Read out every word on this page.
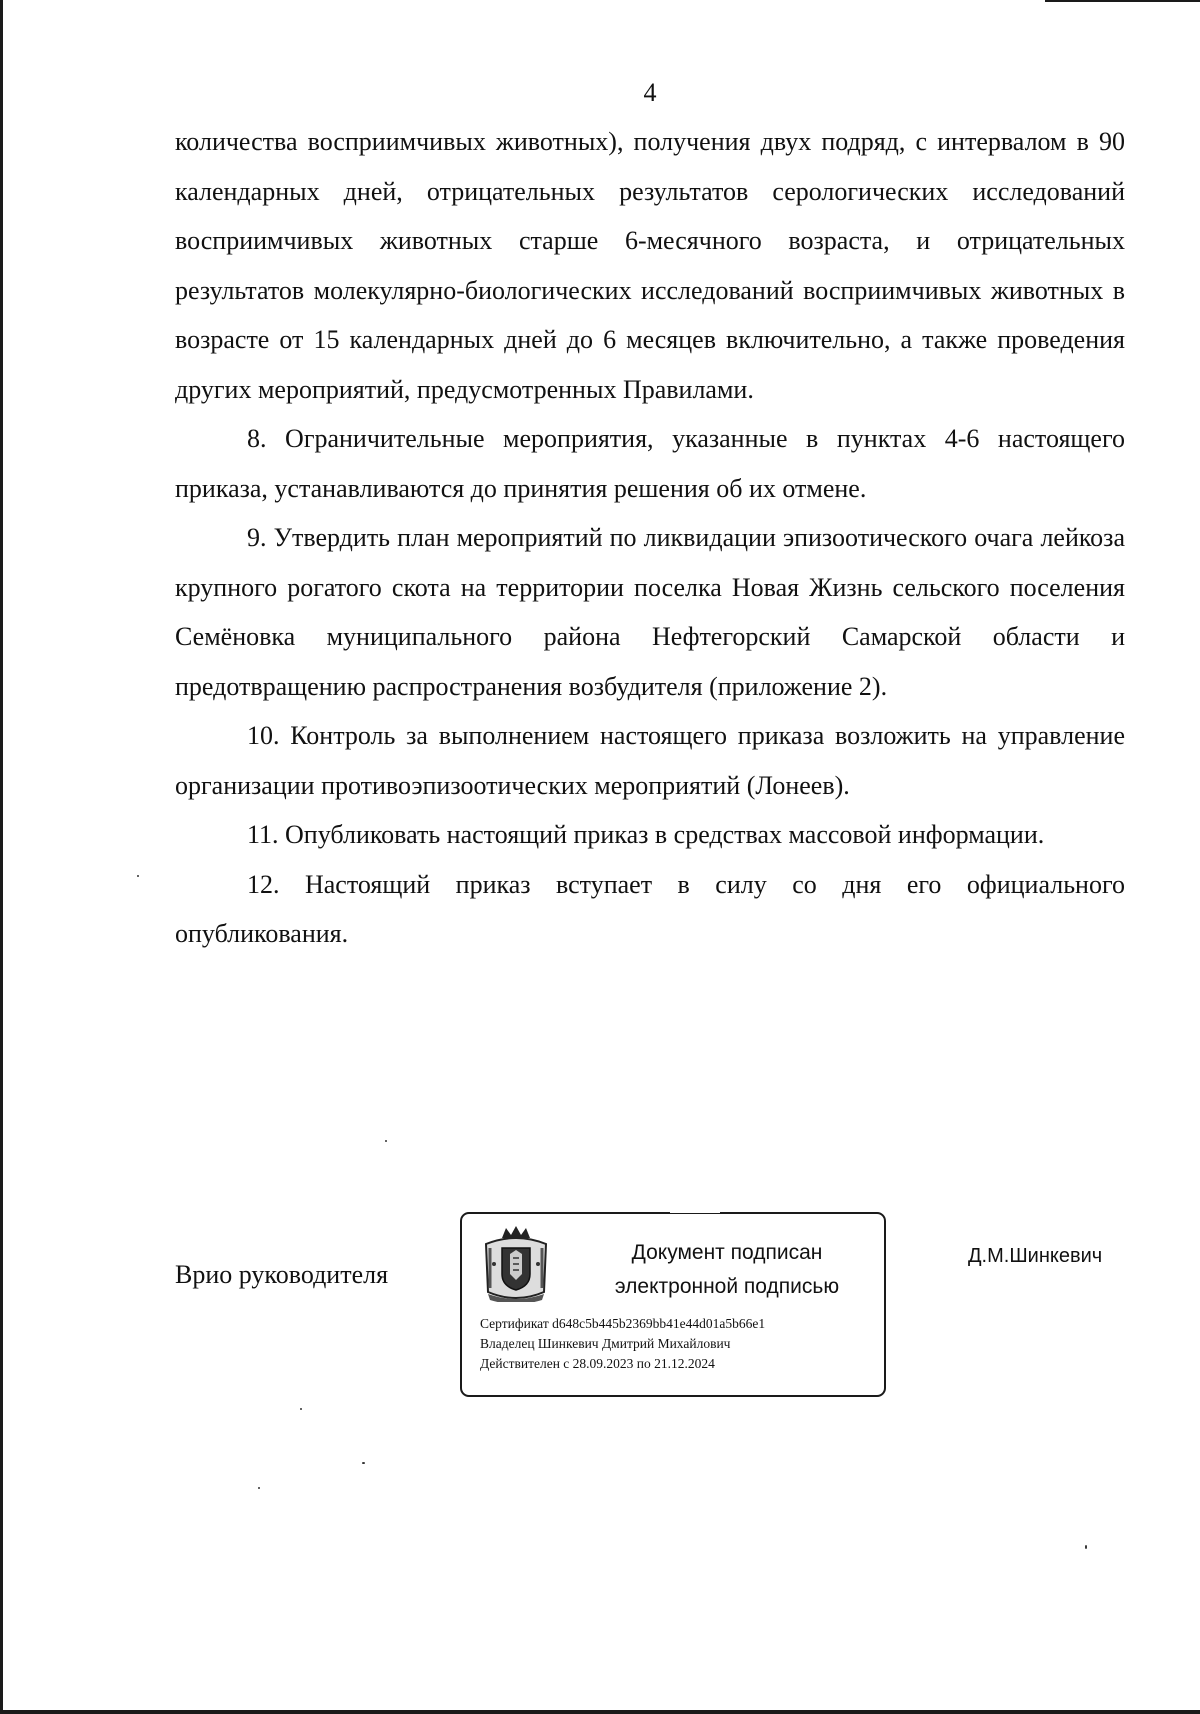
4

количества восприимчивых животных), получения двух подряд, с интервалом в 90 календарных дней, отрицательных результатов серологических исследований восприимчивых животных старше 6-месячного возраста, и отрицательных результатов молекулярно-биологических исследований восприимчивых животных в возрасте от 15 календарных дней до 6 месяцев включительно, а также проведения других мероприятий, предусмотренных Правилами.

8. Ограничительные мероприятия, указанные в пунктах 4-6 настоящего приказа, устанавливаются до принятия решения об их отмене.

9. Утвердить план мероприятий по ликвидации эпизоотического очага лейкоза крупного рогатого скота на территории поселка Новая Жизнь сельского поселения Семёновка муниципального района Нефтегорский Самарской области и предотвращению распространения возбудителя (приложение 2).

10. Контроль за выполнением настоящего приказа возложить на управление организации противоэпизоотических мероприятий (Лонеев).

11. Опубликовать настоящий приказ в средствах массовой информации.

12. Настоящий приказ вступает в силу со дня его официального опубликования.

Врио руководителя
Документ подписан
электронной подписью
Сертификат d648c5b445b2369bb41e44d01a5b66e1
Владелец Шинкевич Дмитрий Михайлович
Действителен с 28.09.2023 по 21.12.2024
Д.М.Шинкевич
